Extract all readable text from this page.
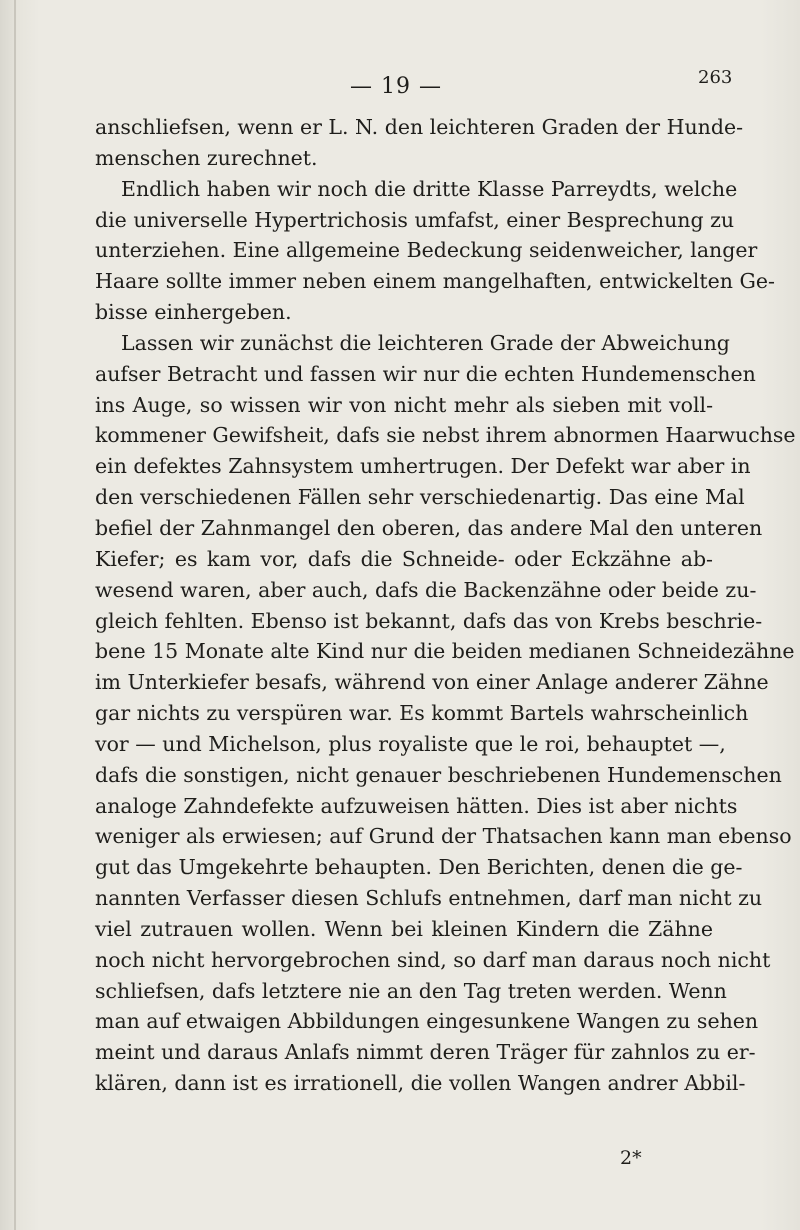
— 19 —	263
anschliefsen, wenn er L. N. den leichteren Graden der Hunde-
menschen zurechnet.
Endlich haben wir noch die dritte Klasse Parreydts, welche
die universelle Hypertrichosis umfafst, einer Besprechung zu
unterziehen. Eine allgemeine Bedeckung seidenweicher, langer
Haare sollte immer neben einem mangelhaften, entwickelten Ge-
bisse einhergeben.
Lassen wir zunächst die leichteren Grade der Abweichung
aufser Betracht und fassen wir nur die echten Hundemenschen
ins Auge, so wissen wir von nicht mehr als sieben mit voll-
kommener Gewifsheit, dafs sie nebst ihrem abnormen Haarwuchse
ein defektes Zahnsystem umhertrugen. Der Defekt war aber in
den verschiedenen Fällen sehr verschiedenartig. Das eine Mal
befiel der Zahnmangel den oberen, das andere Mal den unteren
Kiefer; es kam vor, dafs die Schneide- oder Eckzähne ab-
wesend waren, aber auch, dafs die Backenzähne oder beide zu-
gleich fehlten. Ebenso ist bekannt, dafs das von Krebs beschrie-
bene 15 Monate alte Kind nur die beiden medianen Schneidezähne
im Unterkiefer besafs, während von einer Anlage anderer Zähne
gar nichts zu verspüren war. Es kommt Bartels wahrscheinlich
vor — und Michelson, plus royaliste que le roi, behauptet —,
dafs die sonstigen, nicht genauer beschriebenen Hundemenschen
analoge Zahndefekte aufzuweisen hätten. Dies ist aber nichts
weniger als erwiesen; auf Grund der Thatsachen kann man ebenso
gut das Umgekehrte behaupten. Den Berichten, denen die ge-
nannten Verfasser diesen Schlufs entnehmen, darf man nicht zu
viel zutrauen wollen. Wenn bei kleinen Kindern die Zähne
noch nicht hervorgebrochen sind, so darf man daraus noch nicht
schliefsen, dafs letztere nie an den Tag treten werden. Wenn
man auf etwaigen Abbildungen eingesunkene Wangen zu sehen
meint und daraus Anlafs nimmt deren Träger für zahnlos zu er-
klären, dann ist es irrationell, die vollen Wangen andrer Abbil-
2*
